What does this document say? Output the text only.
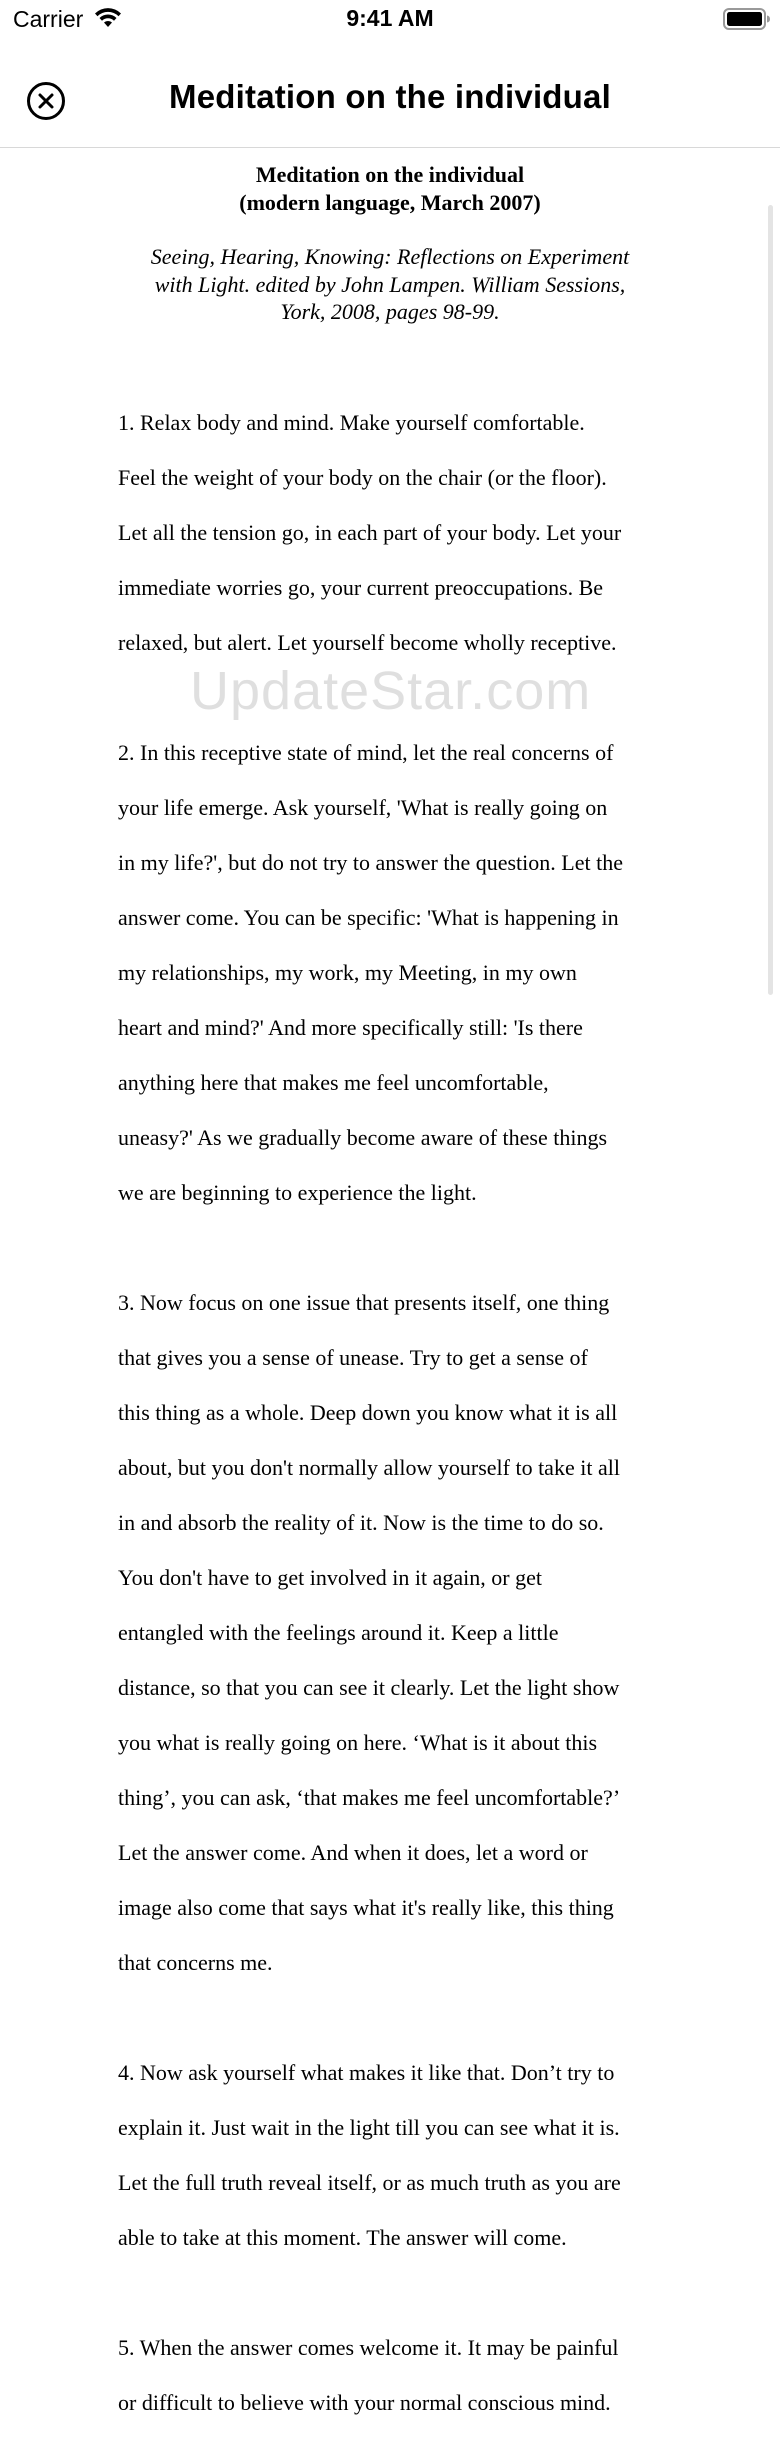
Carrier	9:41 AM
Meditation on the individual
Meditation on the individual
(modern language, March 2007)
Seeing, Hearing, Knowing: Reflections on Experiment
with Light. edited by John Lampen. William Sessions,
York, 2008, pages 98-99.

1. Relax body and mind. Make yourself comfortable.

Feel the weight of your body on the chair (or the floor).

Let all the tension go, in each part of your body. Let your

immediate worries go, your current preoccupations. Be

relaxed, but alert. Let yourself become wholly receptive.

2. In this receptive state of mind, let the real concerns of

your life emerge. Ask yourself, 'What is really going on

in my life?', but do not try to answer the question. Let the

answer come. You can be specific: 'What is happening in

my relationships, my work, my Meeting, in my own

heart and mind?' And more specifically still: 'Is there

anything here that makes me feel uncomfortable,

uneasy?' As we gradually become aware of these things

we are beginning to experience the light.

3. Now focus on one issue that presents itself, one thing

that gives you a sense of unease. Try to get a sense of

this thing as a whole. Deep down you know what it is all

about, but you don't normally allow yourself to take it all

in and absorb the reality of it. Now is the time to do so.

You don't have to get involved in it again, or get

entangled with the feelings around it. Keep a little

distance, so that you can see it clearly. Let the light show

you what is really going on here. ‘What is it about this

thing’, you can ask, ‘that makes me feel uncomfortable?’

Let the answer come. And when it does, let a word or

image also come that says what it's really like, this thing

that concerns me.

4. Now ask yourself what makes it like that. Don’t try to

explain it. Just wait in the light till you can see what it is.

Let the full truth reveal itself, or as much truth as you are

able to take at this moment. The answer will come.

5. When the answer comes welcome it. It may be painful

or difficult to believe with your normal conscious mind.

UpdateStar.com
